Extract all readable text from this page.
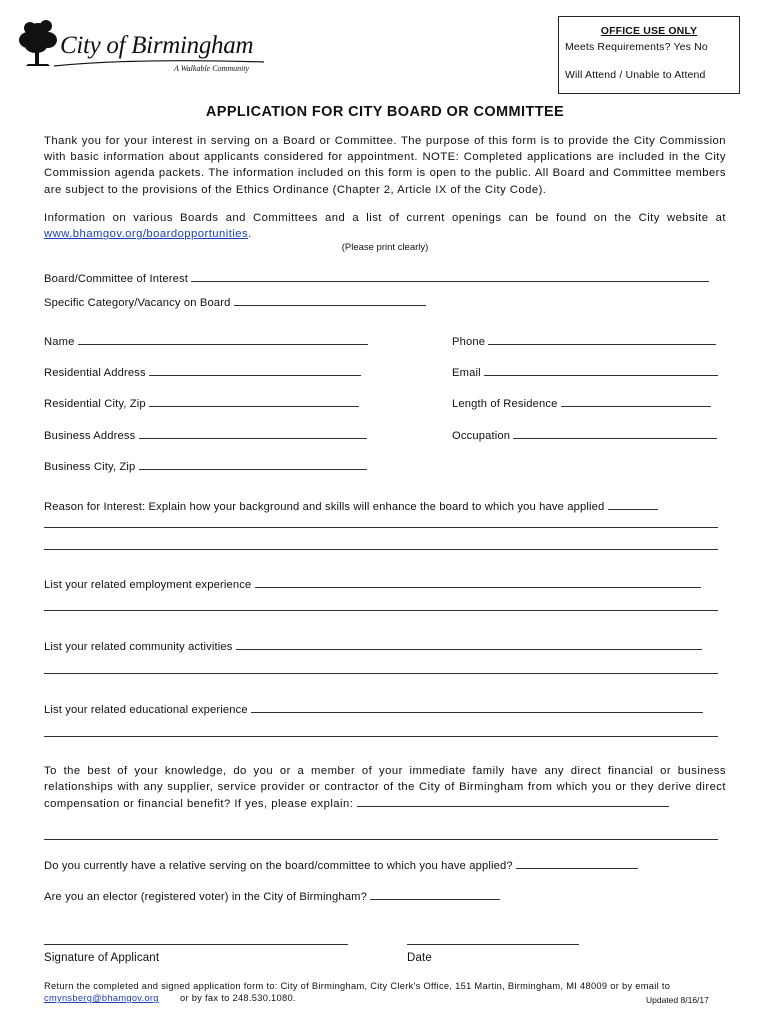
City of Birmingham
A Walkable Community
OFFICE USE ONLY
Meets Requirements? Yes No
Will Attend / Unable to Attend
APPLICATION FOR CITY BOARD OR COMMITTEE
Thank you for your interest in serving on a Board or Committee. The purpose of this form is to provide the City Commission with basic information about applicants considered for appointment. NOTE: Completed applications are included in the City Commission agenda packets. The information included on this form is open to the public. All Board and Committee members are subject to the provisions of the Ethics Ordinance (Chapter 2, Article IX of the City Code).
Information on various Boards and Committees and a list of current openings can be found on the City website at www.bhamgov.org/boardopportunities.
(Please print clearly)
Board/Committee of Interest
Specific Category/Vacancy on Board
Name	Phone
Residential Address	Email
Residential City, Zip	Length of Residence
Business Address	Occupation
Business City, Zip
Reason for Interest: Explain how your background and skills will enhance the board to which you have applied
List your related employment experience
List your related community activities
List your related educational experience
To the best of your knowledge, do you or a member of your immediate family have any direct financial or business relationships with any supplier, service provider or contractor of the City of Birmingham from which you or they derive direct compensation or financial benefit? If yes, please explain:
Do you currently have a relative serving on the board/committee to which you have applied?
Are you an elector (registered voter) in the City of Birmingham?
Signature of Applicant	Date
Return the completed and signed application form to: City of Birmingham, City Clerk's Office, 151 Martin, Birmingham, MI 48009 or by email to
cmynsberg@bhamgov.org or by fax to 248.530.1080.	Updated 8/16/17
